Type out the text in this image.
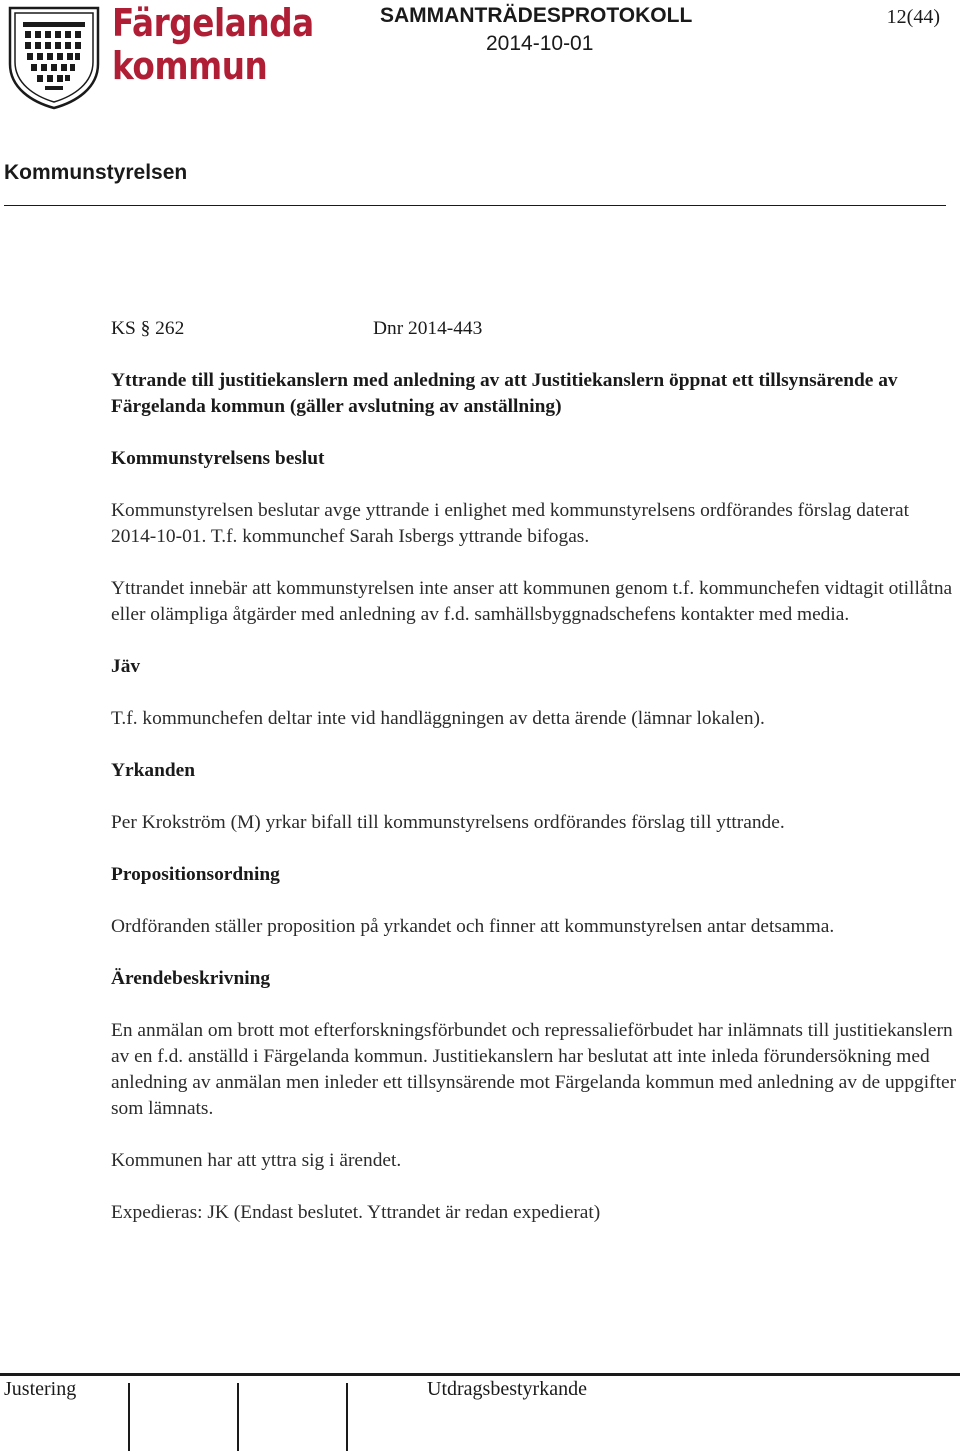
Färgelanda
kommun
SAMMANTRÄDESPROTOKOLL
2014-10-01
12(44)
Kommunstyrelsen

KS § 262	Dnr 2014-443

Yttrande till justitiekanslern med anledning av att Justitiekanslern öppnat ett tillsynsärende av Färgelanda kommun (gäller avslutning av anställning)

Kommunstyrelsens beslut

Kommunstyrelsen beslutar avge yttrande i enlighet med kommunstyrelsens ordförandes förslag daterat 2014-10-01. T.f. kommunchef Sarah Isbergs yttrande bifogas.

Yttrandet innebär att kommunstyrelsen inte anser att kommunen genom t.f. kommunchefen vidtagit otillåtna eller olämpliga åtgärder med anledning av f.d. samhällsbyggnadschefens kontakter med media.

Jäv

T.f. kommunchefen deltar inte vid handläggningen av detta ärende (lämnar lokalen).

Yrkanden

Per Krokström (M) yrkar bifall till kommunstyrelsens ordförandes förslag till yttrande.

Propositionsordning

Ordföranden ställer proposition på yrkandet och finner att kommunstyrelsen antar detsamma.

Ärendebeskrivning

En anmälan om brott mot efterforskningsförbundet och repressalieförbudet har inlämnats till justitiekanslern av en f.d. anställd i Färgelanda kommun. Justitiekanslern har beslutat att inte inleda förundersökning med anledning av anmälan men inleder ett tillsynsärende mot Färgelanda kommun med anledning av de uppgifter som lämnats.

Kommunen har att yttra sig i ärendet.

Expedieras: JK (Endast beslutet. Yttrandet är redan expedierat)

Justering	Utdragsbestyrkande
